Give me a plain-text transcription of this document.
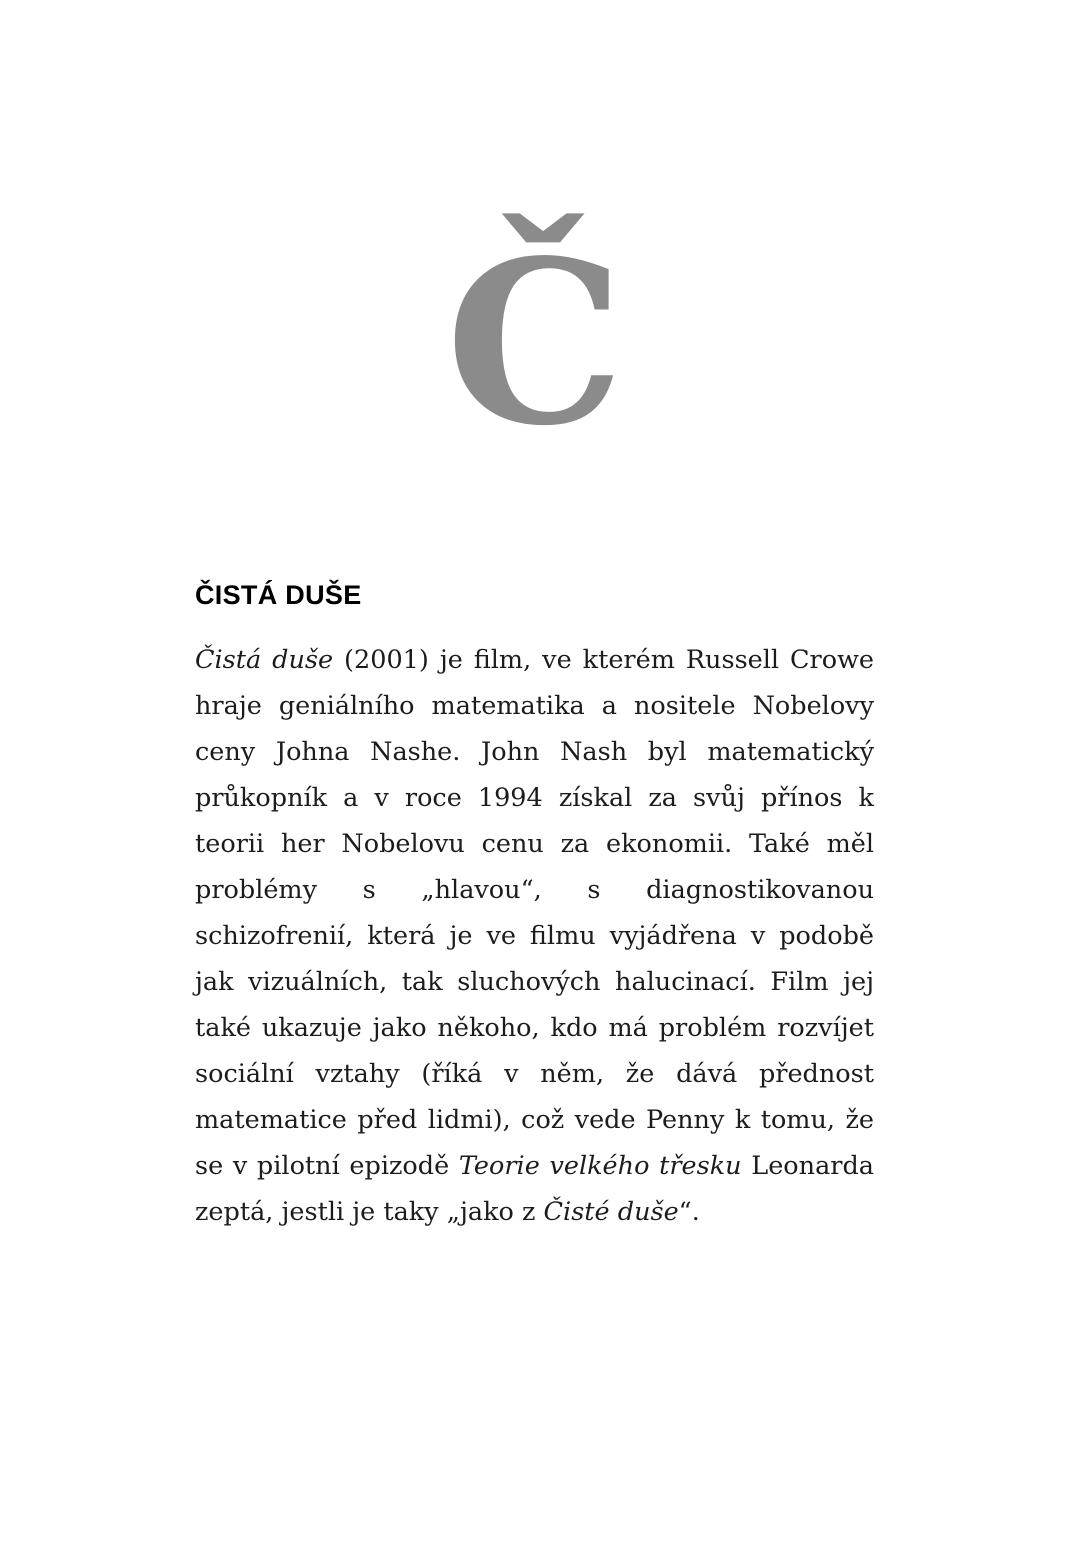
Č
ČISTÁ DUŠE

Čistá duše (2001) je film, ve kterém Russell Crowe hraje geniálního matematika a nositele Nobelovy ceny Johna Nashe. John Nash byl matematický průkopník a v roce 1994 získal za svůj přínos k teorii her Nobelovu cenu za ekonomii. Také měl problémy s „hlavou“, s diagnostikovanou schizofrenií, která je ve filmu vyjádřena v podobě jak vizuálních, tak sluchových halucinací. Film jej také ukazuje jako někoho, kdo má problém rozvíjet sociální vztahy (říká v něm, že dává přednost matematice před lidmi), což vede Penny k tomu, že se v pilotní epizodě Teorie velkého třesku Leonarda zeptá, jestli je taky „jako z Čisté duše“.
